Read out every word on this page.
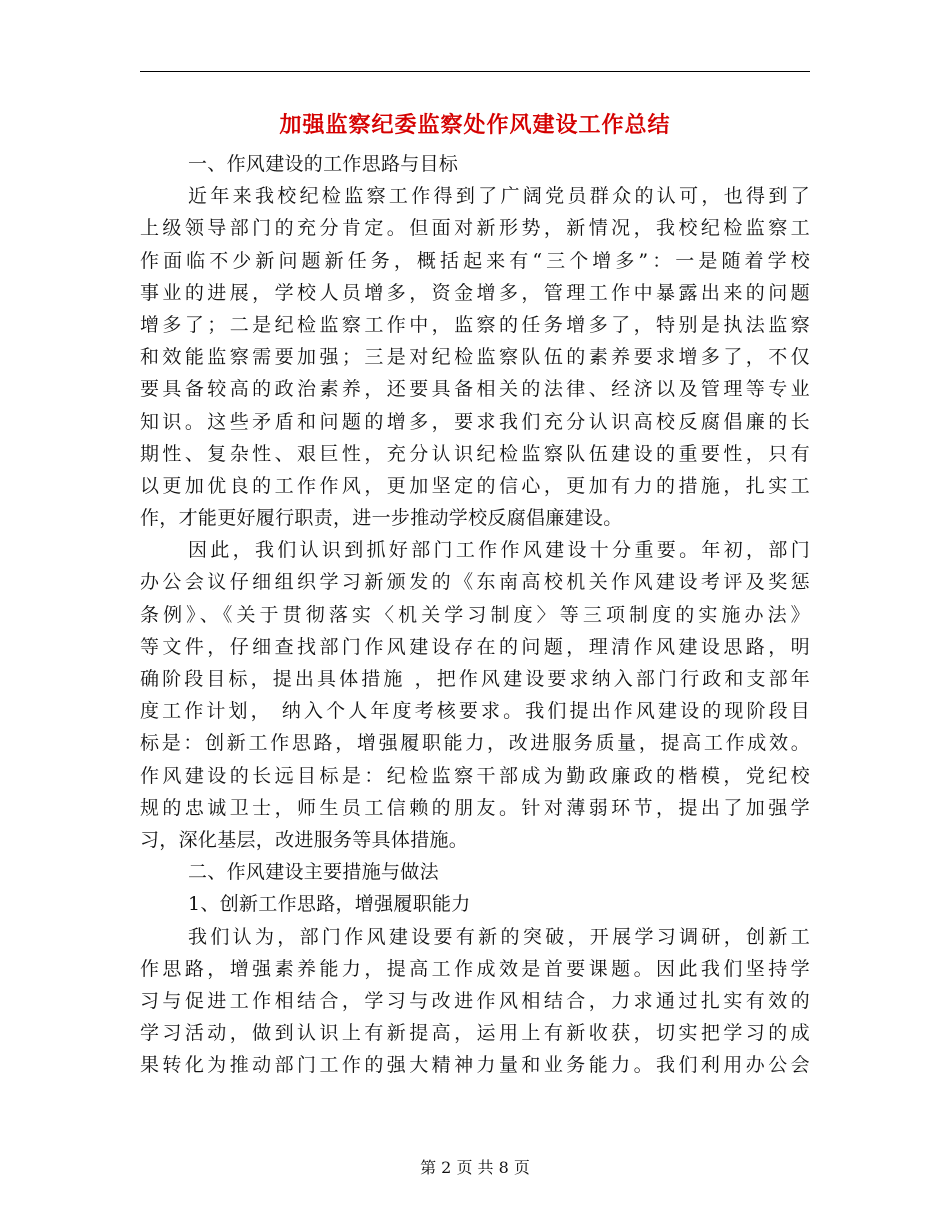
加强监察纪委监察处作风建设工作总结
一、作风建设的工作思路与目标
近年来我校纪检监察工作得到了广阔党员群众的认可，也得到了
上级领导部门的充分肯定。但面对新形势，新情况，我校纪检监察工
作面临不少新问题新任务，概括起来有“三个增多”：一是随着学校
事业的进展，学校人员增多，资金增多，管理工作中暴露出来的问题
增多了；二是纪检监察工作中，监察的任务增多了，特别是执法监察
和效能监察需要加强；三是对纪检监察队伍的素养要求增多了，不仅
要具备较高的政治素养，还要具备相关的法律、经济以及管理等专业
知识。这些矛盾和问题的增多，要求我们充分认识高校反腐倡廉的长
期性、复杂性、艰巨性，充分认识纪检监察队伍建设的重要性，只有
以更加优良的工作作风，更加坚定的信心，更加有力的措施，扎实工
作，才能更好履行职责，进一步推动学校反腐倡廉建设。
因此，我们认识到抓好部门工作作风建设十分重要。年初，部门
办公会议仔细组织学习新颁发的《东南高校机关作风建设考评及奖惩
条例》、《关于贯彻落实〈机关学习制度〉等三项制度的实施办法》
等文件，仔细查找部门作风建设存在的问题，理清作风建设思路，明
确阶段目标，提出具体措施 ，把作风建设要求纳入部门行政和支部年
度工作计划， 纳入个人年度考核要求。我们提出作风建设的现阶段目
标是：创新工作思路，增强履职能力，改进服务质量，提高工作成效。
作风建设的长远目标是：纪检监察干部成为勤政廉政的楷模，党纪校
规的忠诚卫士，师生员工信赖的朋友。针对薄弱环节，提出了加强学
习，深化基层，改进服务等具体措施。
二、作风建设主要措施与做法
1、创新工作思路，增强履职能力
我们认为，部门作风建设要有新的突破，开展学习调研，创新工
作思路，增强素养能力，提高工作成效是首要课题。因此我们坚持学
习与促进工作相结合，学习与改进作风相结合，力求通过扎实有效的
学习活动，做到认识上有新提高，运用上有新收获，切实把学习的成
果转化为推动部门工作的强大精神力量和业务能力。我们利用办公会
第 2 页 共 8 页
